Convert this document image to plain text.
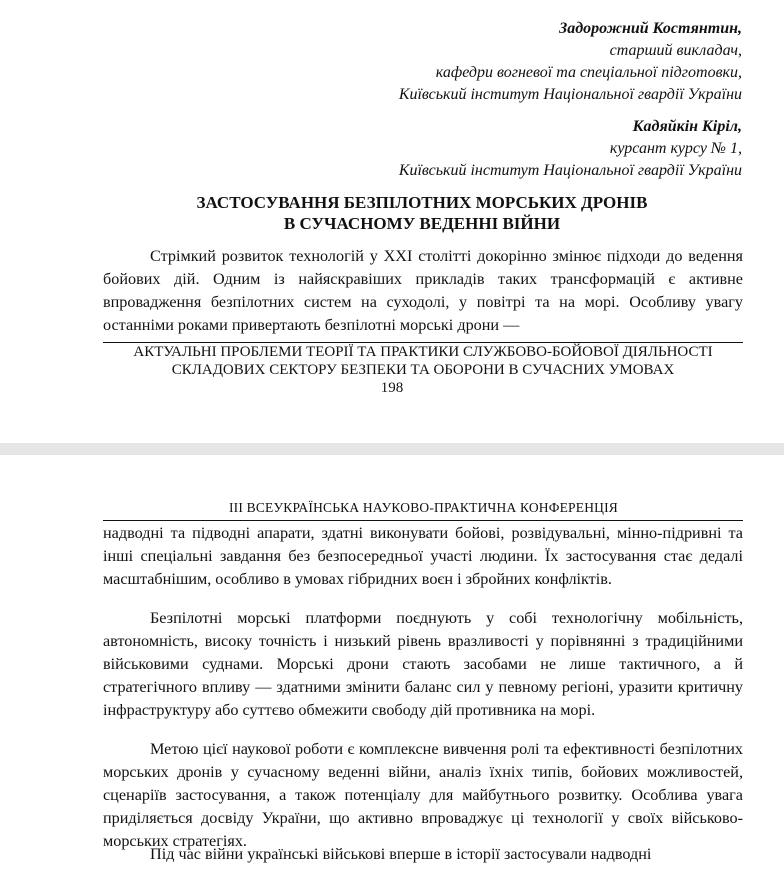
Задорожний Костянтин,
старший викладач,
кафедри вогневої та спеціальної підготовки,
Київський інститут Національної гвардії України
Кадяйкін Кіріл,
курсант курсу № 1,
Київський інститут Національної гвардії України
ЗАСТОСУВАННЯ БЕЗПІЛОТНИХ МОРСЬКИХ ДРОНІВ
В СУЧАСНОМУ ВЕДЕННІ ВІЙНИ

Стрімкий розвиток технологій у XXI столітті докорінно змінює підходи до ведення бойових дій. Одним із найяскравіших прикладів таких трансформацій є активне впровадження безпілотних систем на суходолі, у повітрі та на морі. Особливу увагу останніми роками привертають безпілотні морські дрони —

АКТУАЛЬНІ ПРОБЛЕМИ ТЕОРІЇ ТА ПРАКТИКИ СЛУЖБОВО-БОЙОВОЇ ДІЯЛЬНОСТІ
СКЛАДОВИХ СЕКТОРУ БЕЗПЕКИ ТА ОБОРОНИ В СУЧАСНИХ УМОВАХ
198
ІІІ ВСЕУКРАЇНСЬКА НАУКОВО-ПРАКТИЧНА КОНФЕРЕНЦІЯ

надводні та підводні апарати, здатні виконувати бойові, розвідувальні, мінно-підривні та інші спеціальні завдання без безпосередньої участі людини. Їх застосування стає дедалі масштабнішим, особливо в умовах гібридних воєн і збройних конфліктів.

Безпілотні морські платформи поєднують у собі технологічну мобільність, автономність, високу точність і низький рівень вразливості у порівнянні з традиційними військовими суднами. Морські дрони стають засобами не лише тактичного, а й стратегічного впливу — здатними змінити баланс сил у певному регіоні, уразити критичну інфраструктуру або суттєво обмежити свободу дій противника на морі.

Метою цієї наукової роботи є комплексне вивчення ролі та ефективності безпілотних морських дронів у сучасному веденні війни, аналіз їхніх типів, бойових можливостей, сценаріїв застосування, а також потенціалу для майбутнього розвитку. Особлива увага приділяється досвіду України, що активно впроваджує ці технології у своїх військово-морських стратегіях.

Під час війни українські військові вперше в історії застосували надводні
